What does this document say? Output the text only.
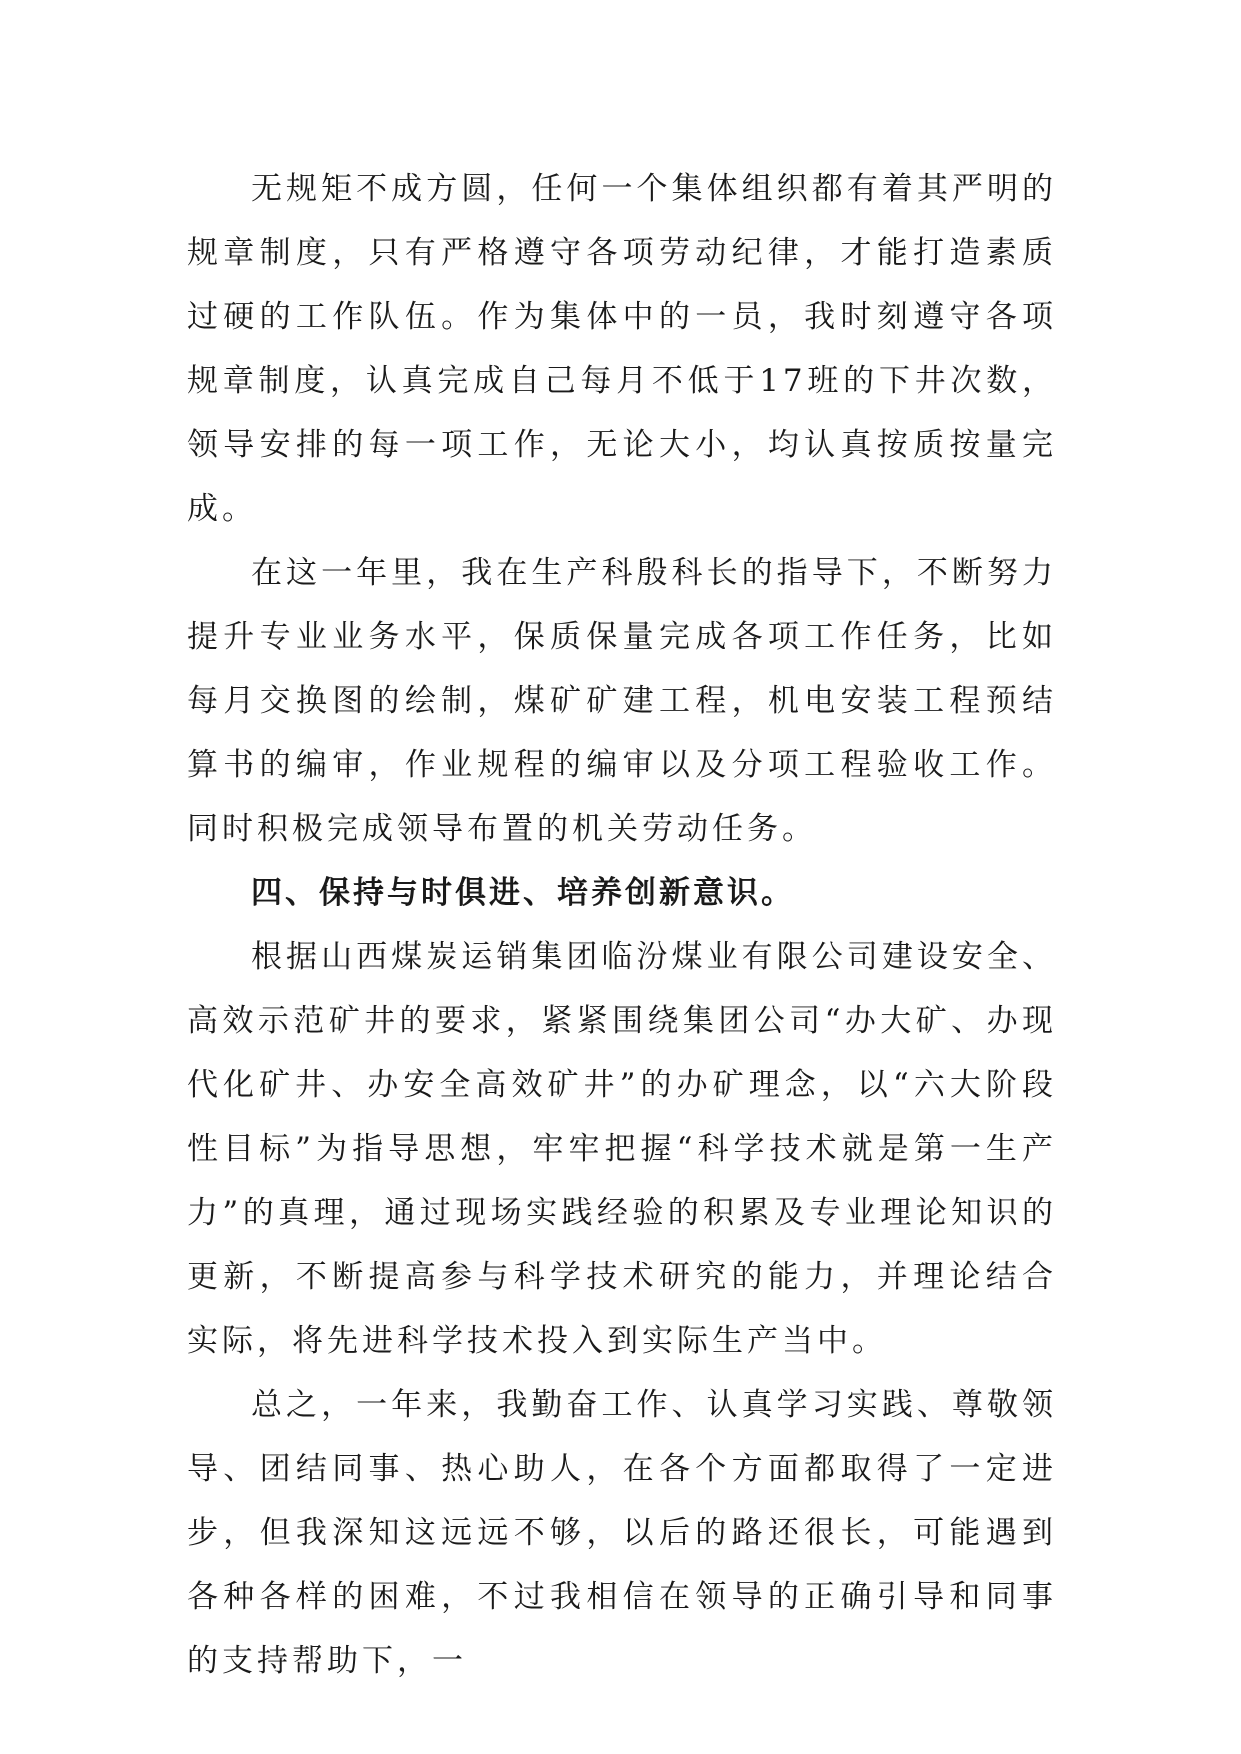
无规矩不成方圆，任何一个集体组织都有着其严明的规章制度，只有严格遵守各项劳动纪律，才能打造素质过硬的工作队伍。作为集体中的一员，我时刻遵守各项规章制度，认真完成自己每月不低于17班的下井次数，领导安排的每一项工作，无论大小，均认真按质按量完成。

在这一年里，我在生产科殷科长的指导下，不断努力提升专业业务水平，保质保量完成各项工作任务，比如每月交换图的绘制，煤矿矿建工程，机电安装工程预结算书的编审，作业规程的编审以及分项工程验收工作。同时积极完成领导布置的机关劳动任务。

四、保持与时俱进、培养创新意识。

根据山西煤炭运销集团临汾煤业有限公司建设安全、高效示范矿井的要求，紧紧围绕集团公司“办大矿、办现代化矿井、办安全高效矿井”的办矿理念，以“六大阶段性目标”为指导思想，牢牢把握“科学技术就是第一生产力”的真理，通过现场实践经验的积累及专业理论知识的更新，不断提高参与科学技术研究的能力，并理论结合实际，将先进科学技术投入到实际生产当中。

总之，一年来，我勤奋工作、认真学习实践、尊敬领导、团结同事、热心助人，在各个方面都取得了一定进步，但我深知这远远不够，以后的路还很长，可能遇到各种各样的困难，不过我相信在领导的正确引导和同事的支持帮助下，一
